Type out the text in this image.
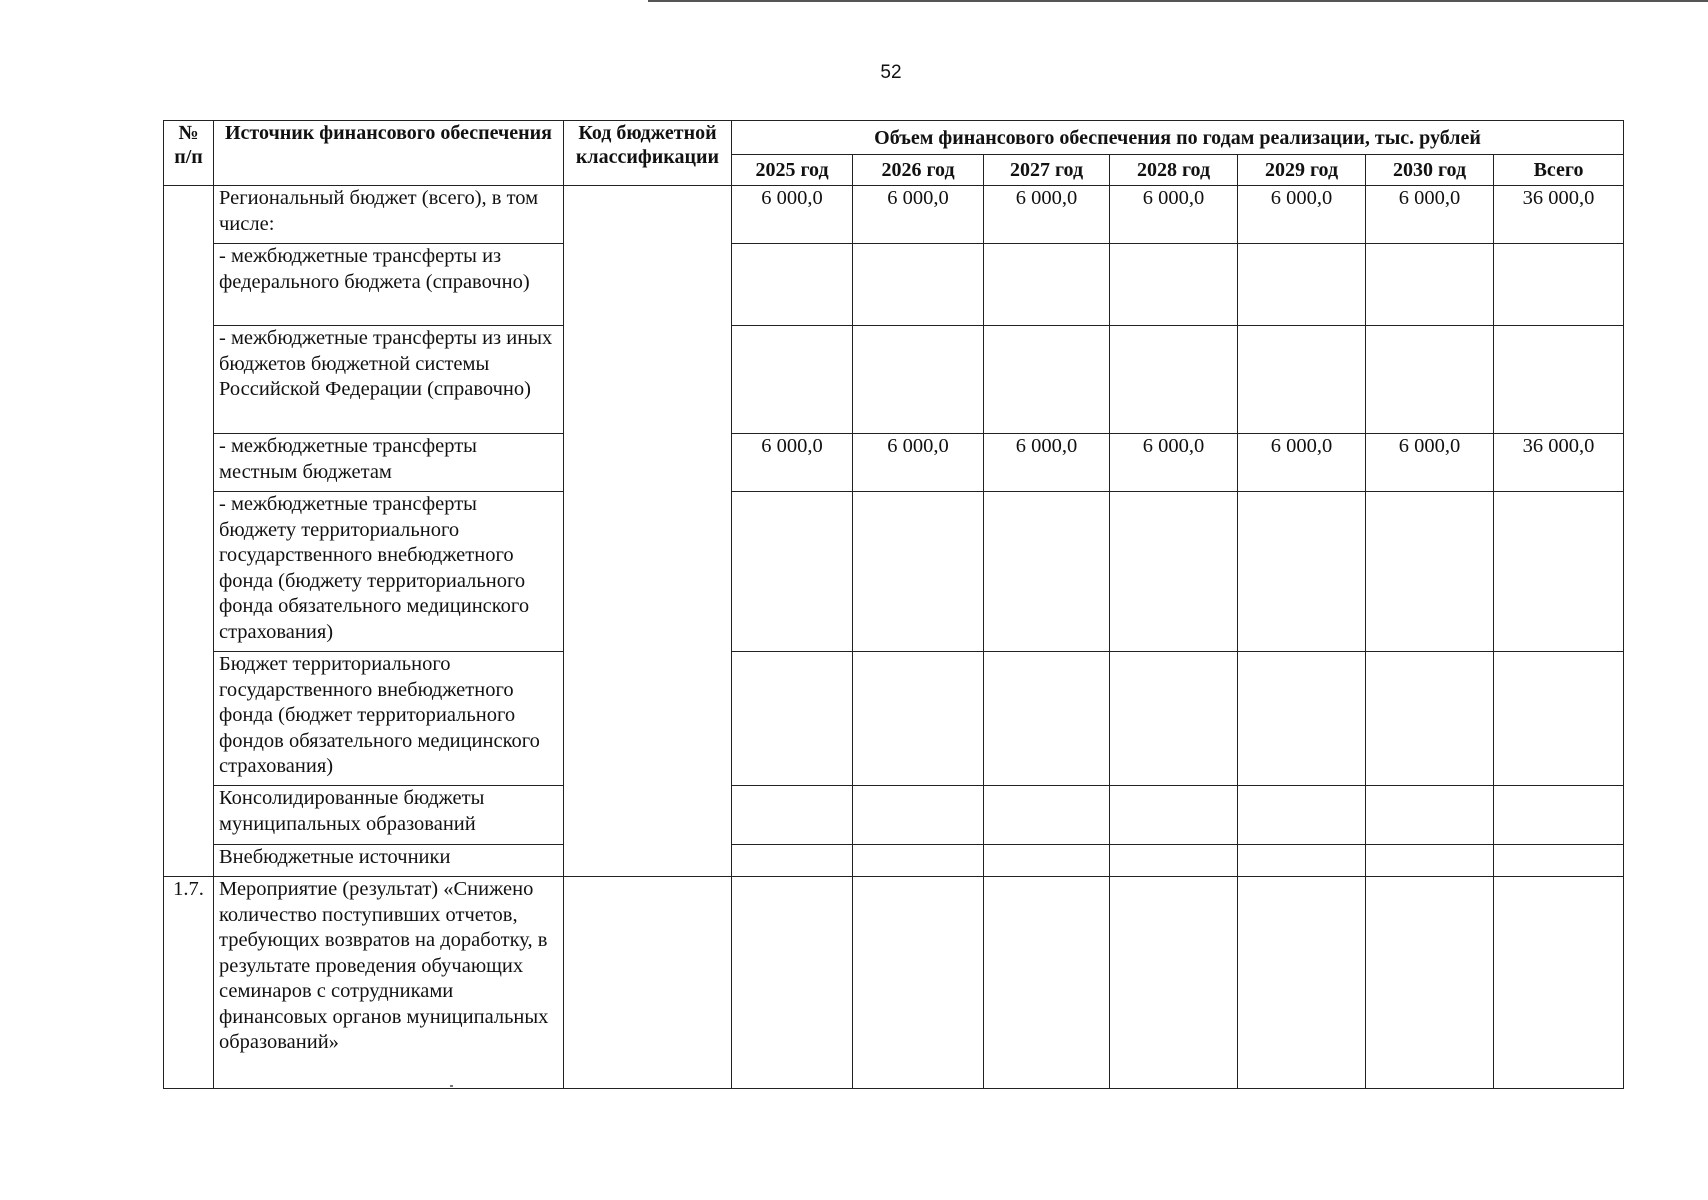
52
№ п/п	Источник финансового обеспечения	Код бюджетной классификации	Объем финансового обеспечения по годам реализации, тыс. рублей						
			2025 год	2026 год	2027 год	2028 год	2029 год	2030 год	Всего
	Региональный бюджет (всего), в том числе:		6 000,0	6 000,0	6 000,0	6 000,0	6 000,0	6 000,0	36 000,0
	- межбюджетные трансферты из федерального бюджета (справочно)								
	- межбюджетные трансферты из иных бюджетов бюджетной системы Российской Федерации (справочно)								
	- межбюджетные трансферты местным бюджетам		6 000,0	6 000,0	6 000,0	6 000,0	6 000,0	6 000,0	36 000,0
	- межбюджетные трансферты бюджету территориального государственного внебюджетного фонда (бюджету территориального фонда обязательного медицинского страхования)								
	Бюджет территориального государственного внебюджетного фонда (бюджет территориального фондов обязательного медицинского страхования)								
	Консолидированные бюджеты муниципальных образований								
	Внебюджетные источники								
1.7.	Мероприятие (результат) «Снижено количество поступивших отчетов, требующих возвратов на доработку, в результате проведения обучающих семинаров с сотрудниками финансовых органов муниципальных образований»								
